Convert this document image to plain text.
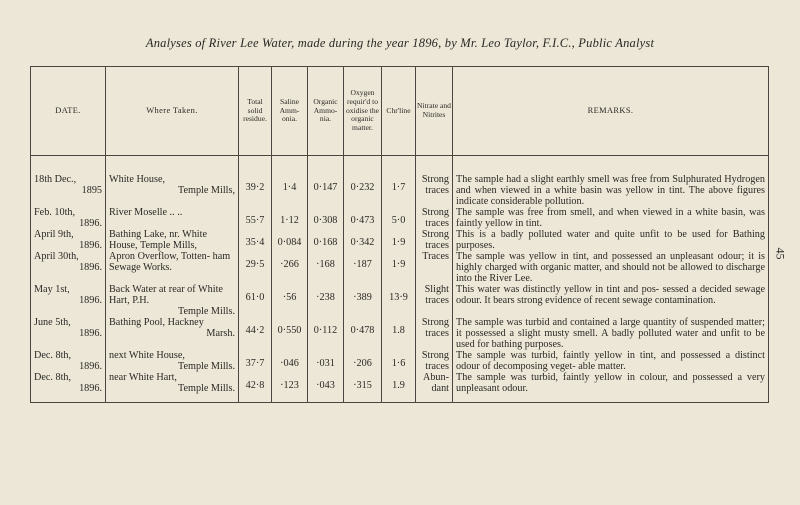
Analyses of River Lee Water, made during the year 1896, by Mr. Leo Taylor, F.I.C., Public Analyst
45
DATE.	Where Taken.	Total solid residue.	Saline Amm- onia.	Organic Ammo- nia.	Oxygen requir'd to oxidise the organic matter.	Chr'line	Nitrate and Nitrites	REMARKS.

18th Dec.,
1895	White House,
Temple Mills,	39·2	1·4	0·147	0·232	1·7	Strong traces	The sample had a slight earthly smell was free from Sulphurated Hydrogen and when viewed in a white basin was yellow in tint. The above figures indicate considerable pollution.

Feb. 10th,
1896.	River Moselle .. ..	55·7	1·12	0·308	0·473	5·0	Strong traces	The sample was free from smell, and when viewed in a white basin, was faintly yellow in tint.

April 9th,
1896.	Bathing Lake, nr. White House, Temple Mills,	35·4	0·084	0·168	0·342	1·9	Strong traces	This is a badly polluted water and quite unfit to be used for Bathing purposes.

April 30th,
1896.	Apron Overflow, Totten- ham Sewage Works.	29·5	·266	·168	·187	1·9	Traces	The sample was yellow in tint, and possessed an unpleasant odour; it is highly charged with organic matter, and should not be allowed to discharge into the River Lee.

May 1st,
1896.	Back Water at rear of White Hart, P.H.
Temple Mills.	61·0	·56	·238	·389	13·9	Slight traces	This water was distinctly yellow in tint and pos- sessed a decided sewage odour. It bears strong evidence of recent sewage contamination.

June 5th,
1896.	Bathing Pool, Hackney
Marsh.	44·2	0·550	0·112	0·478	1.8	Strong traces	The sample was turbid and contained a large quantity of suspended matter; it possessed a slight musty smell. A badly polluted water and unfit to be used for bathing purposes.

Dec. 8th,
1896.	next White House,
Temple Mills.	37·7	·046	·031	·206	1·6	Strong traces	The sample was turbid, faintly yellow in tint, and possessed a distinct odour of decomposing veget- able matter.

Dec. 8th,
1896.	near White Hart,
Temple Mills.	42·8	·123	·043	·315	1.9	Abun- dant	The sample was turbid, faintly yellow in colour, and possessed a very unpleasant odour.
